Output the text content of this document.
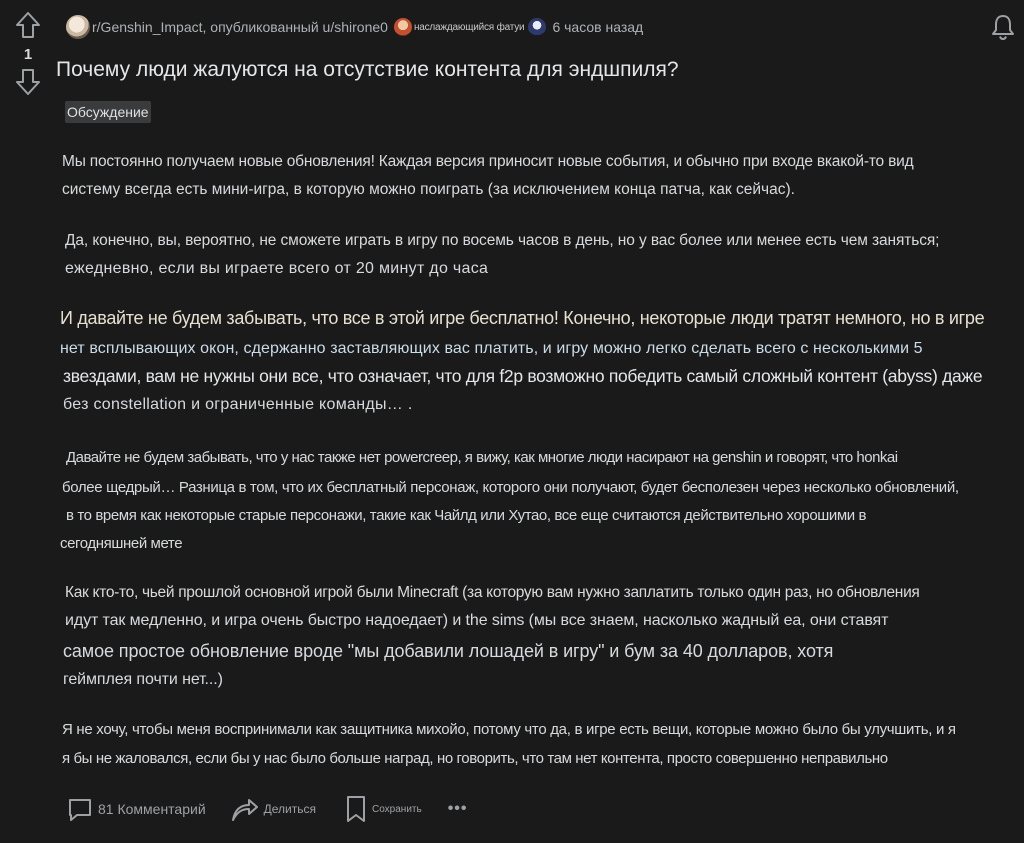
1
r/Genshin_Impact , опубликованный u/shirone0	наслаждающийся фатуи 6 часов назад
Почему люди жалуются на отсутствие контента для эндшпиля?
Обсуждение

Мы постоянно получаем новые обновления! Каждая версия приносит новые события, и обычно при входе вкакой-то вид

систему всегда есть мини-игра, в которую можно поиграть (за исключением конца патча, как сейчас).

Да, конечно, вы, вероятно, не сможете играть в игру по восемь часов в день, но у вас более или менее есть чем заняться;

ежедневно, если вы играете всего от 20 минут до часа

И давайте не будем забывать, что все в этой игре бесплатно! Конечно, некоторые люди тратят немного, но в игре

нет всплывающих окон, сдержанно заставляющих вас платить, и игру можно легко сделать всего с несколькими 5

звездами, вам не нужны они все, что означает, что для f2p возможно победить самый сложный контент (abyss) даже

без constellation и ограниченные команды… .

Давайте не будем забывать, что у нас также нет powercreep, я вижу, как многие люди насирают на genshin и говорят, что honkai

более щедрый… Разница в том, что их бесплатный персонаж, которого они получают, будет бесполезен через несколько обновлений,

в то время как некоторые старые персонажи, такие как Чайлд или Хутао, все еще считаются действительно хорошими в

сегодняшней мете

Как кто-то, чьей прошлой основной игрой были Minecraft (за которую вам нужно заплатить только один раз, но обновления

идут так медленно, и игра очень быстро надоедает) и the sims (мы все знаем, насколько жадный ea, они ставят

самое простое обновление вроде "мы добавили лошадей в игру" и бум за 40 долларов, хотя

геймплея почти нет...)

Я не хочу, чтобы меня воспринимали как защитника михойо, потому что да, в игре есть вещи, которые можно было бы улучшить, и я

я бы не жаловался, если бы у нас было больше наград, но говорить, что там нет контента, просто совершенно неправильно

81 Комментарий	Делиться	Сохранить •••
